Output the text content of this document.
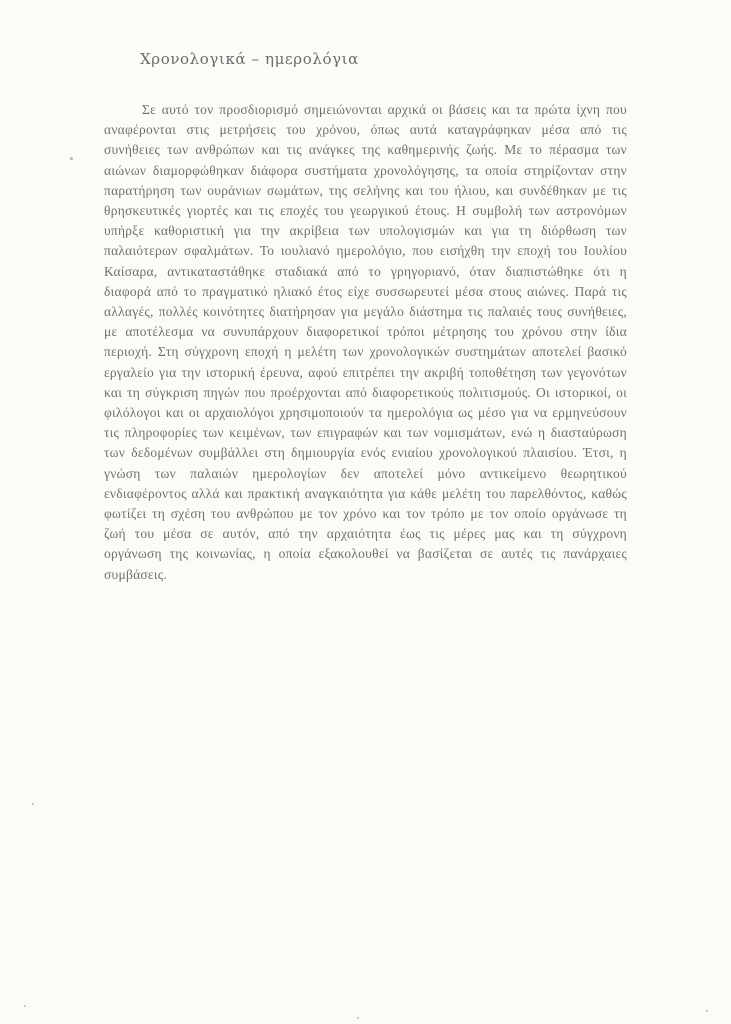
Χρονολογικά – ημερολόγια

Σε αυτό τον προσδιορισμό σημειώνονται αρχικά οι βάσεις και τα πρώτα ίχνη που αναφέρονται στις μετρήσεις του χρόνου, όπως αυτά καταγράφηκαν μέσα από τις συνήθειες των ανθρώπων και τις ανάγκες της καθημερινής ζωής. Με το πέρασμα των αιώνων διαμορφώθηκαν διάφορα συστήματα χρονολόγησης, τα οποία στηρίζονταν στην παρατήρηση των ουράνιων σωμάτων, της σελήνης και του ήλιου, και συνδέθηκαν με τις θρησκευτικές γιορτές και τις εποχές του γεωργικού έτους. Η συμβολή των αστρονόμων υπήρξε καθοριστική για την ακρίβεια των υπολογισμών και για τη διόρθωση των παλαιότερων σφαλμάτων. Το ιουλιανό ημερολόγιο, που εισήχθη την εποχή του Ιουλίου Καίσαρα, αντικαταστάθηκε σταδιακά από το γρηγοριανό, όταν διαπιστώθηκε ότι η διαφορά από το πραγματικό ηλιακό έτος είχε συσσωρευτεί μέσα στους αιώνες. Παρά τις αλλαγές, πολλές κοινότητες διατήρησαν για μεγάλο διάστημα τις παλαιές τους συνήθειες, με αποτέλεσμα να συνυπάρχουν διαφορετικοί τρόποι μέτρησης του χρόνου στην ίδια περιοχή. Στη σύγχρονη εποχή η μελέτη των χρονολογικών συστημάτων αποτελεί βασικό εργαλείο για την ιστορική έρευνα, αφού επιτρέπει την ακριβή τοποθέτηση των γεγονότων και τη σύγκριση πηγών που προέρχονται από διαφορετικούς πολιτισμούς. Οι ιστορικοί, οι φιλόλογοι και οι αρχαιολόγοι χρησιμοποιούν τα ημερολόγια ως μέσο για να ερμηνεύσουν τις πληροφορίες των κειμένων, των επιγραφών και των νομισμάτων, ενώ η διασταύρωση των δεδομένων συμβάλλει στη δημιουργία ενός ενιαίου χρονολογικού πλαισίου. Έτσι, η γνώση των παλαιών ημερολογίων δεν αποτελεί μόνο αντικείμενο θεωρητικού ενδιαφέροντος αλλά και πρακτική αναγκαιότητα για κάθε μελέτη του παρελθόντος, καθώς φωτίζει τη σχέση του ανθρώπου με τον χρόνο και τον τρόπο με τον οποίο οργάνωσε τη ζωή του μέσα σε αυτόν, από την αρχαιότητα έως τις μέρες μας και τη σύγχρονη οργάνωση της κοινωνίας, η οποία εξακολουθεί να βασίζεται σε αυτές τις πανάρχαιες συμβάσεις.
